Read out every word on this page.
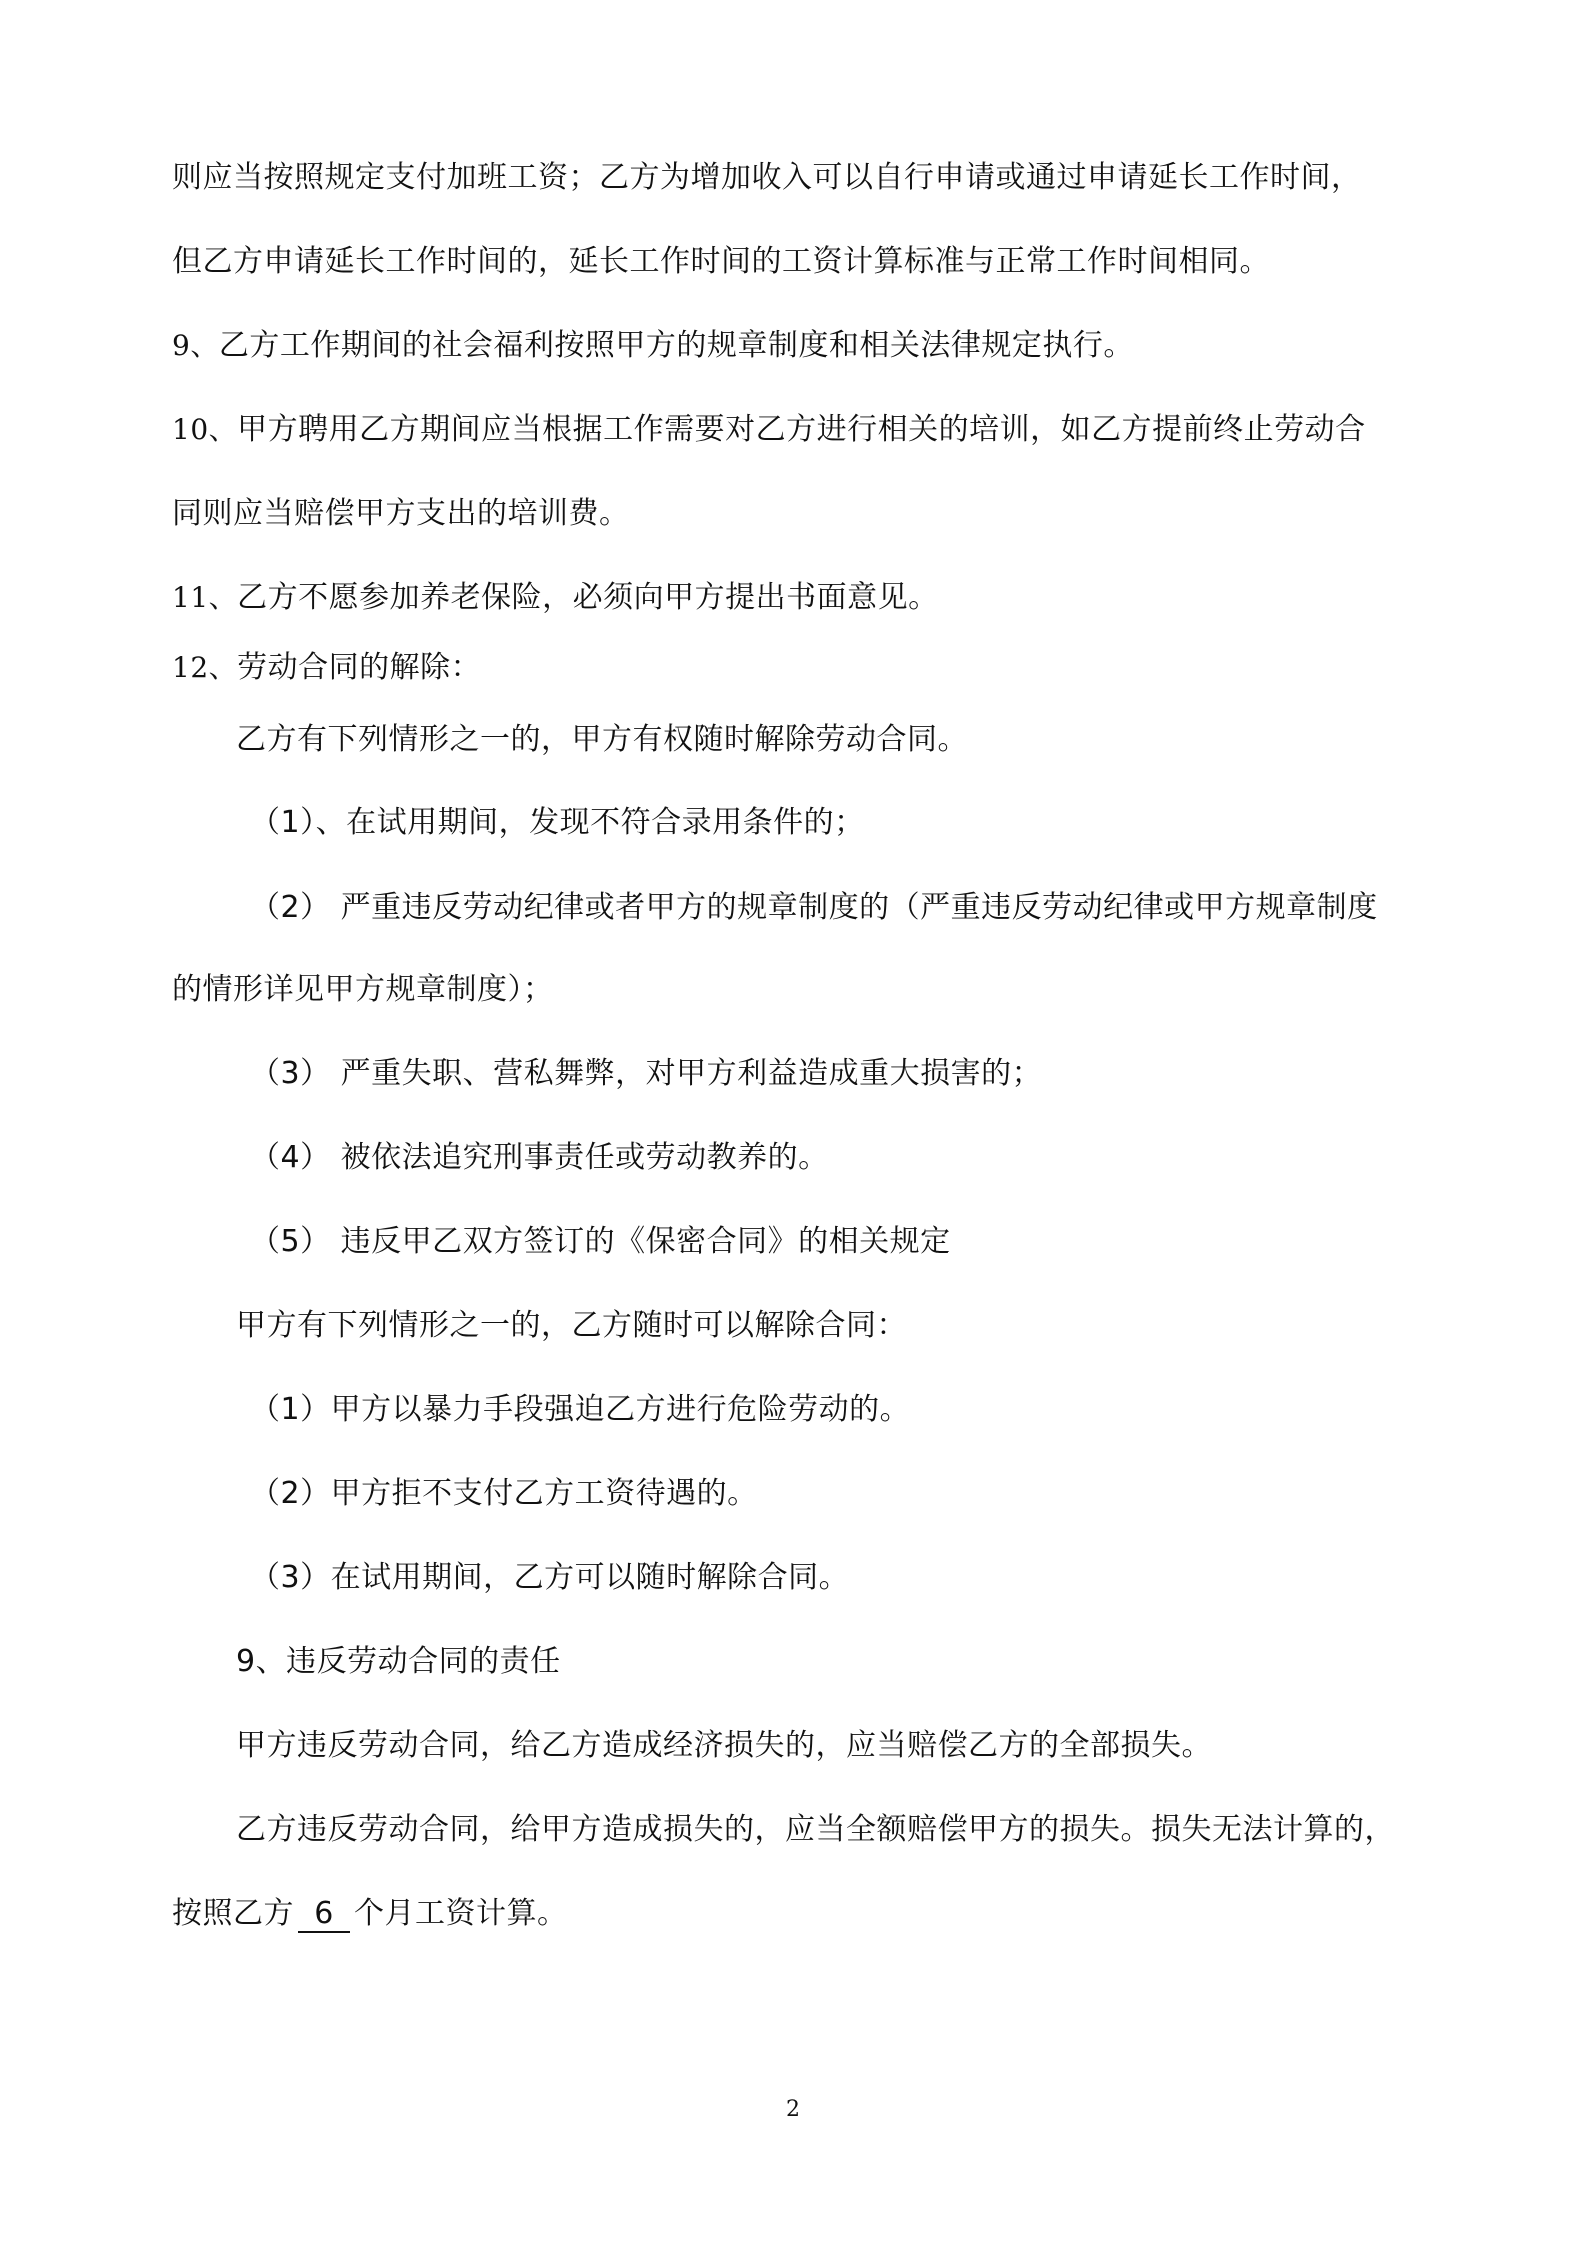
则应当按照规定支付加班工资；乙方为增加收入可以自行申请或通过申请延长工作时间，
但乙方申请延长工作时间的，延长工作时间的工资计算标准与正常工作时间相同。
9、乙方工作期间的社会福利按照甲方的规章制度和相关法律规定执行。
10、甲方聘用乙方期间应当根据工作需要对乙方进行相关的培训，如乙方提前终止劳动合
同则应当赔偿甲方支出的培训费。
11、乙方不愿参加养老保险，必须向甲方提出书面意见。
12、劳动合同的解除：
乙方有下列情形之一的，甲方有权随时解除劳动合同。
（1）、在试用期间，发现不符合录用条件的；
（2） 严重违反劳动纪律或者甲方的规章制度的（严重违反劳动纪律或甲方规章制度
的情形详见甲方规章制度）；
（3） 严重失职、营私舞弊，对甲方利益造成重大损害的；
（4） 被依法追究刑事责任或劳动教养的。
（5） 违反甲乙双方签订的《保密合同》的相关规定
甲方有下列情形之一的，乙方随时可以解除合同：
（1）甲方以暴力手段强迫乙方进行危险劳动的。
（2）甲方拒不支付乙方工资待遇的。
（3）在试用期间，乙方可以随时解除合同。
9、违反劳动合同的责任
甲方违反劳动合同，给乙方造成经济损失的，应当赔偿乙方的全部损失。
乙方违反劳动合同，给甲方造成损失的，应当全额赔偿甲方的损失。损失无法计算的，
按照乙方 6 个月工资计算。
2
